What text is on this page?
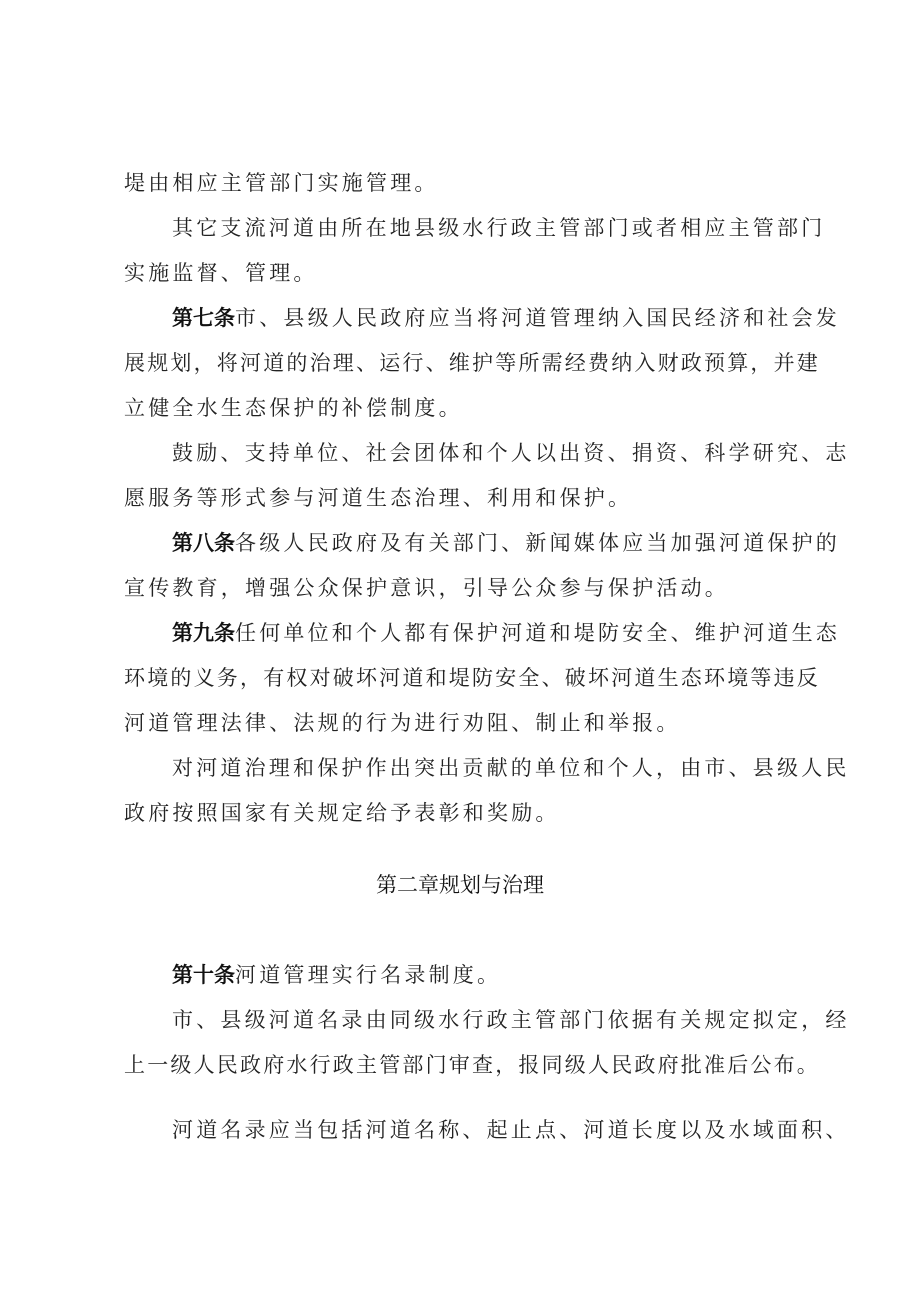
堤由相应主管部门实施管理。
其它支流河道由所在地县级水行政主管部门或者相应主管部门
实施监督、管理。
第七条市、县级人民政府应当将河道管理纳入国民经济和社会发
展规划，将河道的治理、运行、维护等所需经费纳入财政预算，并建
立健全水生态保护的补偿制度。
鼓励、支持单位、社会团体和个人以出资、捐资、科学研究、志
愿服务等形式参与河道生态治理、利用和保护。
第八条各级人民政府及有关部门、新闻媒体应当加强河道保护的
宣传教育，增强公众保护意识，引导公众参与保护活动。
第九条任何单位和个人都有保护河道和堤防安全、维护河道生态
环境的义务，有权对破坏河道和堤防安全、破坏河道生态环境等违反
河道管理法律、法规的行为进行劝阻、制止和举报。
对河道治理和保护作出突出贡献的单位和个人，由市、县级人民
政府按照国家有关规定给予表彰和奖励。
第二章规划与治理
第十条河道管理实行名录制度。
市、县级河道名录由同级水行政主管部门依据有关规定拟定，经
上一级人民政府水行政主管部门审查，报同级人民政府批准后公布。
河道名录应当包括河道名称、起止点、河道长度以及水域面积、
